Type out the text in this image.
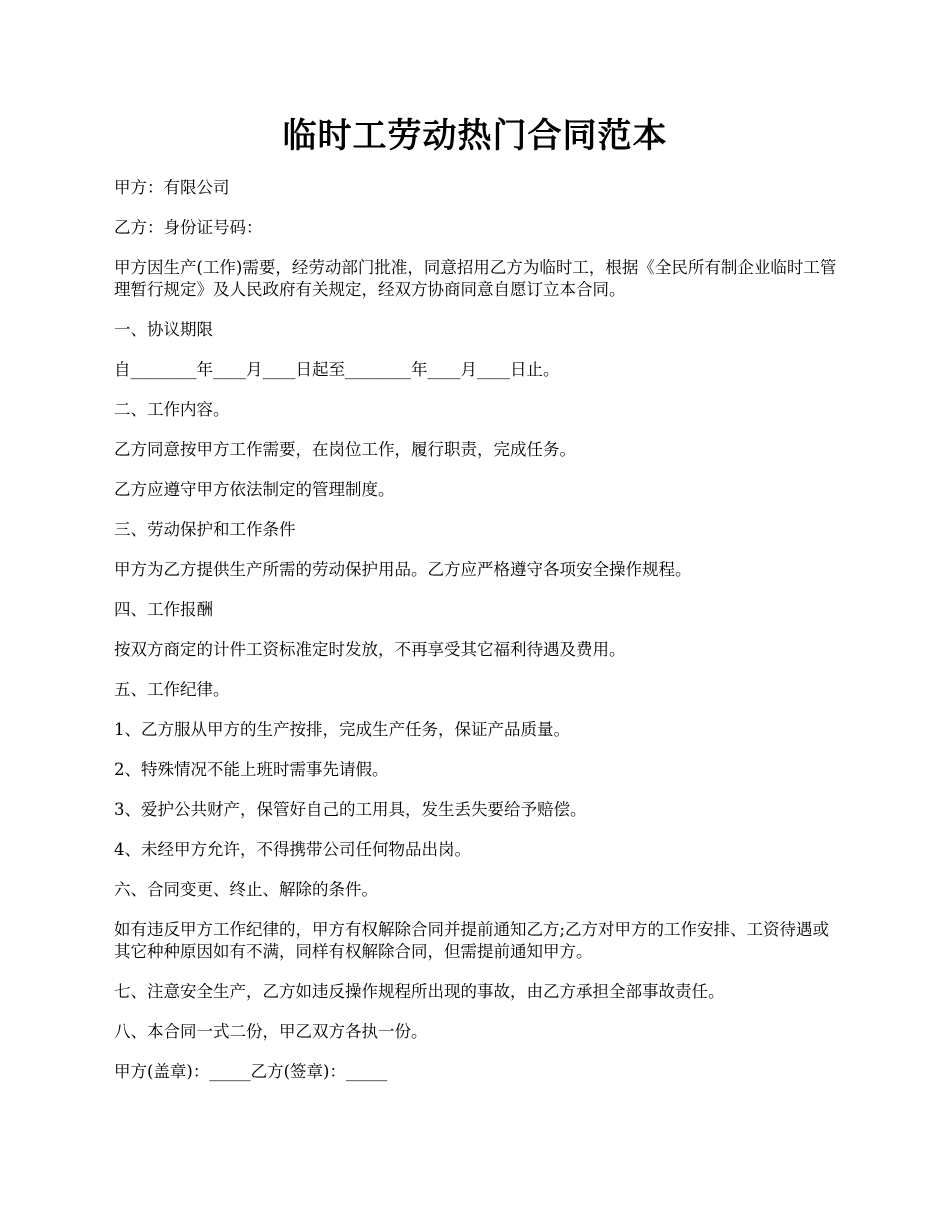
临时工劳动热门合同范本

甲方：有限公司

乙方：身份证号码：

甲方因生产(工作)需要，经劳动部门批准，同意招用乙方为临时工，根据《全民所有制企业临时工管理暂行规定》及人民政府有关规定，经双方协商同意自愿订立本合同。

一、协议期限

自________年____月____日起至________年____月____日止。

二、工作内容。

乙方同意按甲方工作需要，在岗位工作，履行职责，完成任务。

乙方应遵守甲方依法制定的管理制度。

三、劳动保护和工作条件

甲方为乙方提供生产所需的劳动保护用品。乙方应严格遵守各项安全操作规程。

四、工作报酬

按双方商定的计件工资标准定时发放，不再享受其它福利待遇及费用。

五、工作纪律。

1、乙方服从甲方的生产按排，完成生产任务，保证产品质量。

2、特殊情况不能上班时需事先请假。

3、爱护公共财产，保管好自己的工用具，发生丢失要给予赔偿。

4、未经甲方允许，不得携带公司任何物品出岗。

六、合同变更、终止、解除的条件。

如有违反甲方工作纪律的，甲方有权解除合同并提前通知乙方;乙方对甲方的工作安排、工资待遇或其它种种原因如有不满，同样有权解除合同，但需提前通知甲方。

七、注意安全生产，乙方如违反操作规程所出现的事故，由乙方承担全部事故责任。

八、本合同一式二份，甲乙双方各执一份。

甲方(盖章)：_____乙方(签章)：_____
